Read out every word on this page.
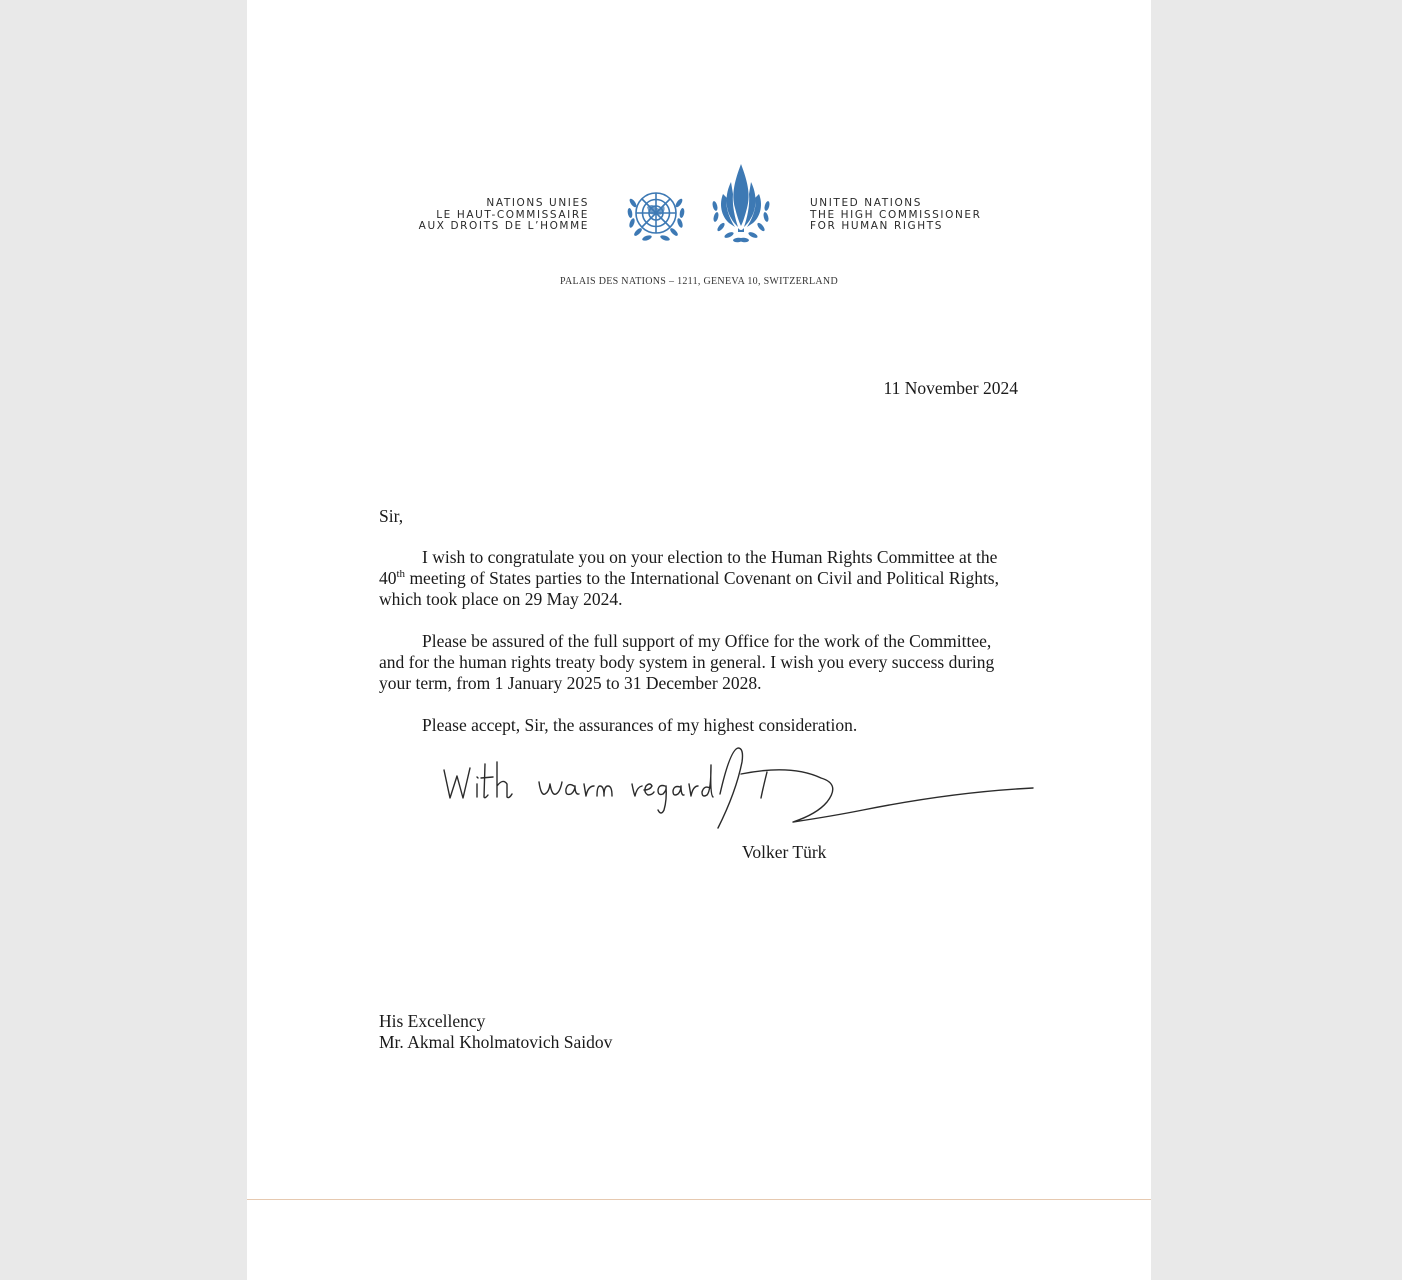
NATIONS UNIES
LE HAUT-COMMISSAIRE
AUX DROITS DE L’HOMME
UNITED NATIONS
THE HIGH COMMISSIONER
FOR HUMAN RIGHTS
PALAIS DES NATIONS – 1211, GENEVA 10, SWITZERLAND
11 November 2024
Sir,
I wish to congratulate you on your election to the Human Rights Committee at the 40th meeting of States parties to the International Covenant on Civil and Political Rights, which took place on 29 May 2024.
Please be assured of the full support of my Office for the work of the Committee, and for the human rights treaty body system in general. I wish you every success during your term, from 1 January 2025 to 31 December 2028.
Please accept, Sir, the assurances of my highest consideration.
Volker Türk
His Excellency
Mr. Akmal Kholmatovich Saidov
